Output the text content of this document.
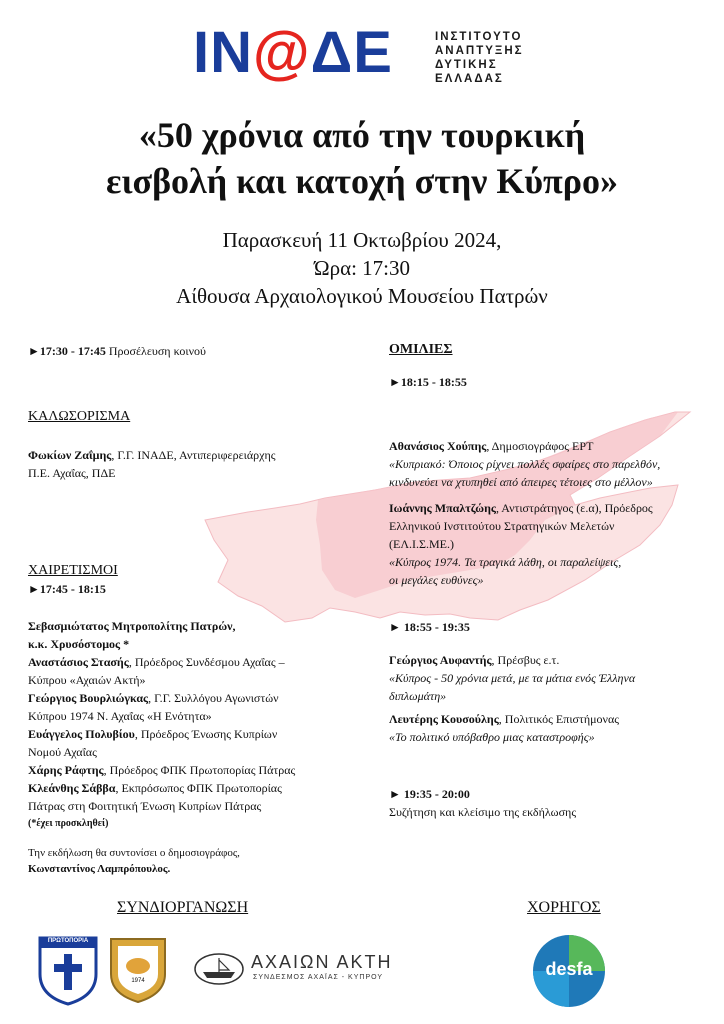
IN@ΔΕ	ΙΝΣΤΙΤΟΥΤΟ
ΑΝΑΠΤΥΞΗΣ
ΔΥΤΙΚΗΣ
ΕΛΛΑΔΑΣ
«50 χρόνια από την τουρκική
εισβολή και κατοχή στην Κύπρο»
Παρασκευή 11 Οκτωβρίου 2024,
Ώρα: 17:30
Αίθουσα Αρχαιολογικού Μουσείου Πατρών
►17:30 - 17:45 Προσέλευση κοινού
ΚΑΛΩΣΟΡΙΣΜΑ
Φωκίων Ζαΐμης, Γ.Γ. ΙΝΑΔΕ, Αντιπεριφερειάρχης
Π.Ε. Αχαΐας, ΠΔΕ
ΧΑΙΡΕΤΙΣΜΟΙ
►17:45 - 18:15
Σεβασμιώτατος Μητροπολίτης Πατρών,
κ.κ. Χρυσόστομος *
Αναστάσιος Στασής, Πρόεδρος Συνδέσμου Αχαΐας –
Κύπρου «Αχαιών Ακτή»
Γεώργιος Βουρλιώγκας, Γ.Γ. Συλλόγου Αγωνιστών
Κύπρου 1974 Ν. Αχαΐας «Η Ενότητα»
Ευάγγελος Πολυβίου, Πρόεδρος Ένωσης Κυπρίων
Νομού Αχαΐας
Χάρης Ράφτης, Πρόεδρος ΦΠΚ Πρωτοπορίας Πάτρας
Κλεάνθης Σάββα, Εκπρόσωπος ΦΠΚ Πρωτοπορίας
Πάτρας στη Φοιτητική Ένωση Κυπρίων Πάτρας
(*έχει προσκληθεί)
Την εκδήλωση θα συντονίσει ο δημοσιογράφος,
Κωνσταντίνος Λαμπρόπουλος.
ΟΜΙΛΙΕΣ
►18:15 - 18:55
Αθανάσιος Χούπης, Δημοσιογράφος ΕΡΤ
«Κυπριακό: Όποιος ρίχνει πολλές σφαίρες στο παρελθόν,
κινδυνεύει να χτυπηθεί από άπειρες τέτοιες στο μέλλον»
Ιωάννης Μπαλτζώης, Αντιστράτηγος (ε.α), Πρόεδρος
Ελληνικού Ινστιτούτου Στρατηγικών Μελετών
(ΕΛ.Ι.Σ.ΜΕ.)
«Κύπρος 1974. Τα τραγικά λάθη, οι παραλείψεις,
οι μεγάλες ευθύνες»
► 18:55 - 19:35
Γεώργιος Αυφαντής, Πρέσβυς ε.τ.
«Κύπρος - 50 χρόνια μετά, με τα μάτια ενός Έλληνα
διπλωμάτη»
Λευτέρης Κουσούλης, Πολιτικός Επιστήμονας
«Το πολιτικό υπόβαθρο μιας καταστροφής»
► 19:35 - 20:00
Συζήτηση και κλείσιμο της εκδήλωσης
ΣΥΝΔΙΟΡΓΑΝΩΣΗ	ΧΟΡΗΓΟΣ
ΠΡΩΤΟΠΟΡΙΑ
1974
ΑΧΑΙΩΝ ΑΚΤΗ
ΣΥΝΔΕΣΜΟΣ ΑΧΑΪΑΣ - ΚΥΠΡΟΥ	desfa
